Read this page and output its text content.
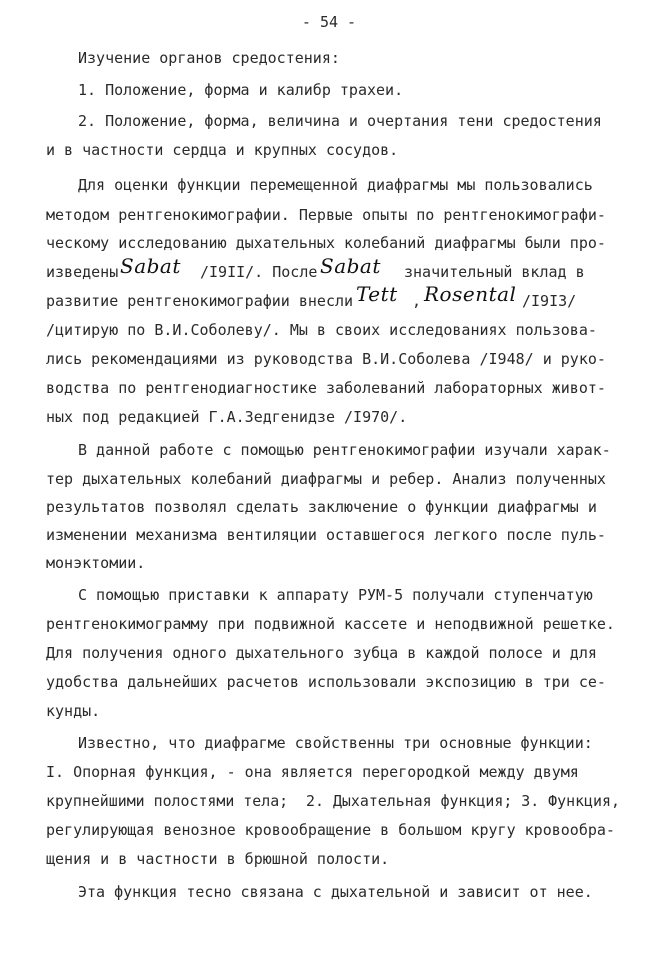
- 54 -
Изучение органов средостения:
1. Положение, форма и калибр трахеи.
2. Положение, форма, величина и очертания тени средостения
и в частности сердца и крупных сосудов.
Для оценки функции перемещенной диафрагмы мы пользовались
методом рентгенокимографии. Первые опыты по рентгенокимографи-
ческому исследованию дыхательных колебаний диафрагмы были про-
изведены Sabat /I9II/. После Sabat значительный вклад в
развитие рентгенокимографии внесли Tett , Rosental /I9I3/
/цитирую по В.И.Соболеву/. Мы в своих исследованиях пользова-
лись рекомендациями из руководства В.И.Соболева /I948/ и руко-
водства по рентгенодиагностике заболеваний лабораторных живот-
ных под редакцией Г.А.Зедгенидзе /I970/.
В данной работе с помощью рентгенокимографии изучали харак-
тер дыхательных колебаний диафрагмы и ребер. Анализ полученных
результатов позволял сделать заключение о функции диафрагмы и
изменении механизма вентиляции оставшегося легкого после пуль-
монэктомии.
С помощью приставки к аппарату РУМ-5 получали ступенчатую
рентгенокимограмму при подвижной кассете и неподвижной решетке.
Для получения одного дыхательного зубца в каждой полосе и для
удобства дальнейших расчетов использовали экспозицию в три се-
кунды.
Известно, что диафрагме свойственны три основные функции:
I. Опорная функция, - она является перегородкой между двумя
крупнейшими полостями тела;  2. Дыхательная функция; 3. Функция,
регулирующая венозное кровообращение в большом кругу кровообра-
щения и в частности в брюшной полости.
Эта функция тесно связана с дыхательной и зависит от нее.
